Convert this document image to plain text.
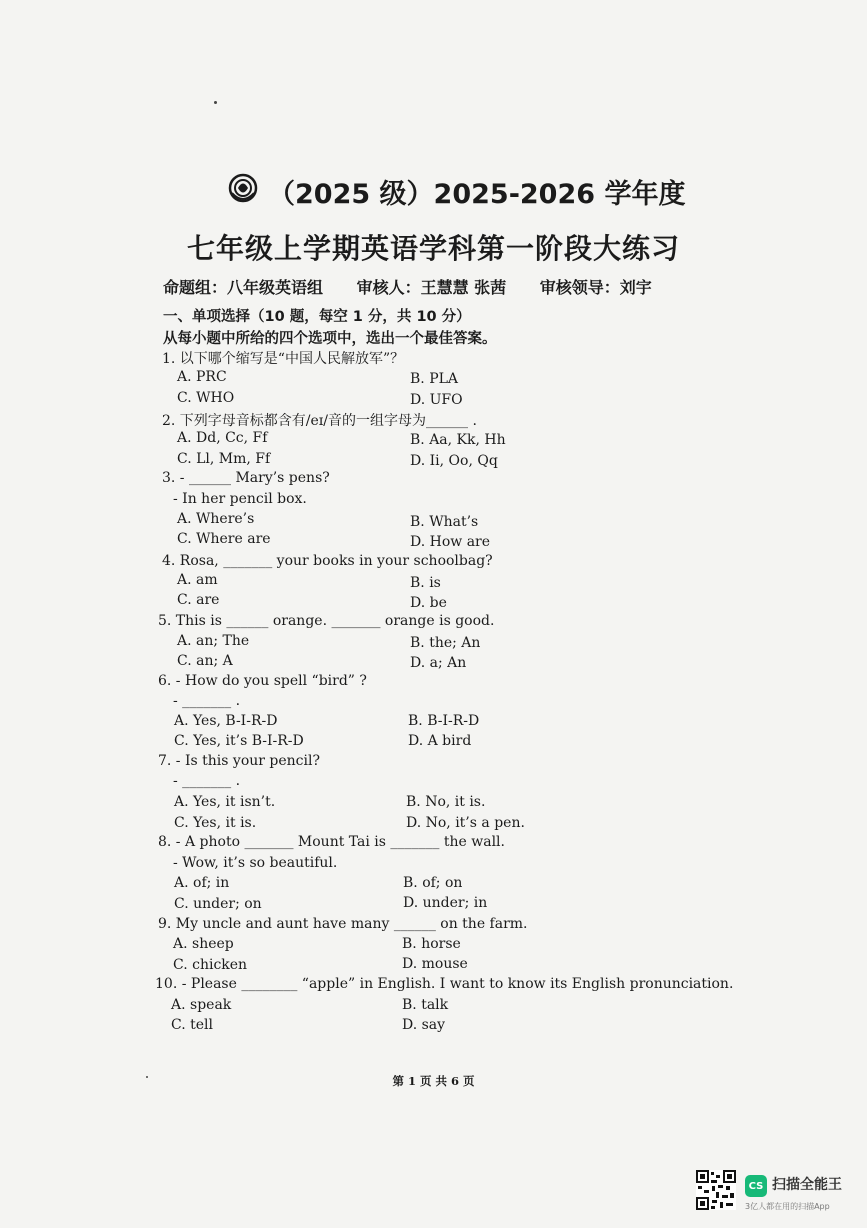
（2025 级）2025-2026 学年度
七年级上学期英语学科第一阶段大练习
命题组：八年级英语组 审核人：王慧慧 张茜 审核领导：刘宇
一、单项选择（10 题，每空 1 分，共 10 分）
从每小题中所给的四个选项中，选出一个最佳答案。
1. 以下哪个缩写是“中国人民解放军”？
A. PRC	B. PLA
C. WHO	D. UFO
2. 下列字母音标都含有/eɪ/音的一组字母为______ .
A. Dd, Cc, Ff	B. Aa, Kk, Hh
C. Ll, Mm, Ff	D. Ii, Oo, Qq
3. - ______ Mary’s pens?
- In her pencil box.
A. Where’s	B. What’s
C. Where are	D. How are
4. Rosa, _______ your books in your schoolbag?
A. am	B. is
C. are	D. be
5. This is ______ orange. _______ orange is good.
A. an; The	B. the; An
C. an; A	D. a; An
6. - How do you spell “bird” ?
- _______ .
A. Yes, B-I-R-D	B. B-I-R-D
C. Yes, it’s B-I-R-D	D. A bird
7. - Is this your pencil?
- _______ .
A. Yes, it isn’t.	B. No, it is.
C. Yes, it is.	D. No, it’s a pen.
8. - A photo _______ Mount Tai is _______ the wall.
- Wow, it’s so beautiful.
A. of; in	B. of; on
C. under; on	D. under; in
9. My uncle and aunt have many ______ on the farm.
A. sheep	B. horse
C. chicken	D. mouse
10. - Please ________ “apple” in English. I want to know its English pronunciation.
A. speak	B. talk
C. tell	D. say
第 1 页 共 6 页
CS 扫描全能王
3亿人都在用的扫描App
